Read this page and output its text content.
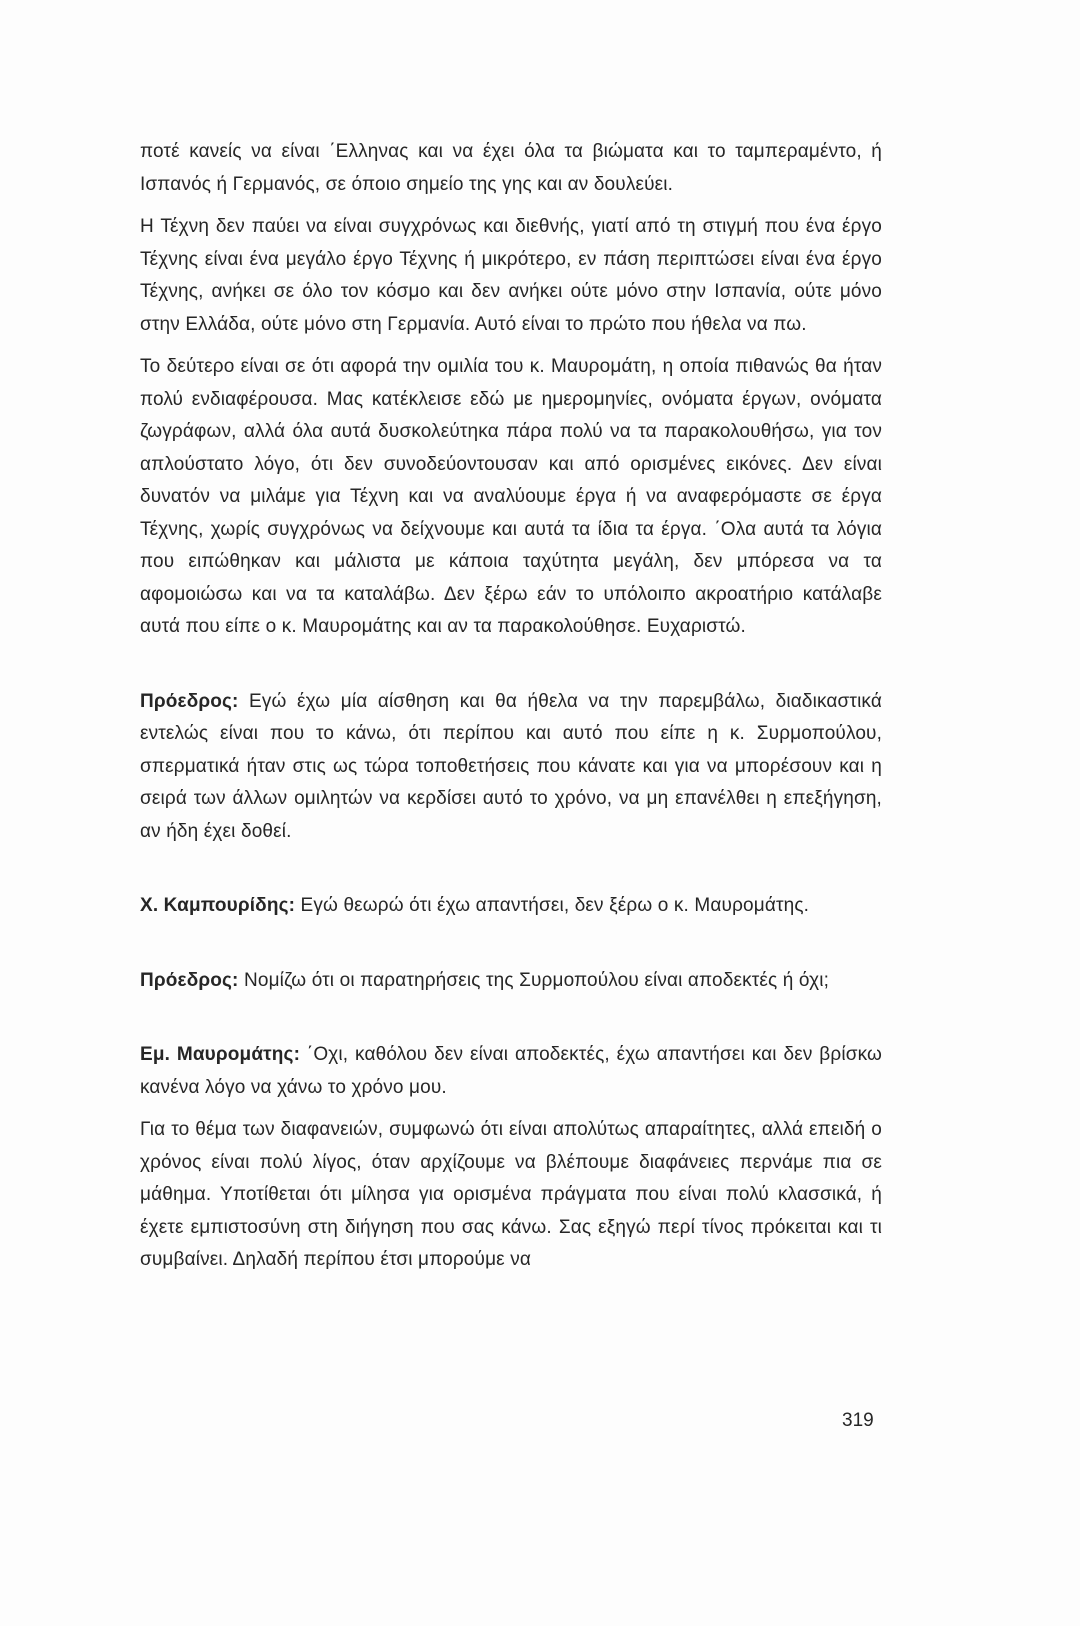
ποτέ κανείς να είναι ΄Ελληνας και να έχει όλα τα βιώματα και το ταμπεραμέντο, ή Ισπανός ή Γερμανός, σε όποιο σημείο της γης και αν δουλεύει.

Η Τέχνη δεν παύει να είναι συγχρόνως και διεθνής, γιατί από τη στιγμή που ένα έργο Τέχνης είναι ένα μεγάλο έργο Τέχνης ή μικρότερο, εν πάση περιπτώσει είναι ένα έργο Τέχνης, ανήκει σε όλο τον κόσμο και δεν ανήκει ούτε μόνο στην Ισπανία, ούτε μόνο στην Ελλάδα, ούτε μόνο στη Γερμανία. Αυτό είναι το πρώτο που ήθελα να πω.

Το δεύτερο είναι σε ότι αφορά την ομιλία του κ. Μαυρομάτη, η οποία πιθανώς θα ήταν πολύ ενδιαφέρουσα. Μας κατέκλεισε εδώ με ημερομηνίες, ονόματα έργων, ονόματα ζωγράφων, αλλά όλα αυτά δυσκολεύτηκα πάρα πολύ να τα παρακολουθήσω, για τον απλούστατο λόγο, ότι δεν συνοδεύοντουσαν και από ορισμένες εικόνες. Δεν είναι δυνατόν να μιλάμε για Τέχνη και να αναλύουμε έργα ή να αναφερόμαστε σε έργα Τέχνης, χωρίς συγχρόνως να δείχνουμε και αυτά τα ίδια τα έργα. ΄Ολα αυτά τα λόγια που ειπώθηκαν και μάλιστα με κάποια ταχύτητα μεγάλη, δεν μπόρεσα να τα αφομοιώσω και να τα καταλάβω. Δεν ξέρω εάν το υπόλοιπο ακροατήριο κατάλαβε αυτά που είπε ο κ. Μαυρομάτης και αν τα παρακολούθησε. Ευχαριστώ.

Πρόεδρος: Εγώ έχω μία αίσθηση και θα ήθελα να την παρεμβάλω, διαδικαστικά εντελώς είναι που το κάνω, ότι περίπου και αυτό που είπε η κ. Συρμοπούλου, σπερματικά ήταν στις ως τώρα τοποθετήσεις που κάνατε και για να μπορέσουν και η σειρά των άλλων ομιλητών να κερδίσει αυτό το χρόνο, να μη επανέλθει η επεξήγηση, αν ήδη έχει δοθεί.

Χ. Καμπουρίδης: Εγώ θεωρώ ότι έχω απαντήσει, δεν ξέρω ο κ. Μαυρομάτης.

Πρόεδρος: Νομίζω ότι οι παρατηρήσεις της Συρμοπούλου είναι αποδεκτές ή όχι;

Εμ. Μαυρομάτης: ΄Οχι, καθόλου δεν είναι αποδεκτές, έχω απαντήσει και δεν βρίσκω κανένα λόγο να χάνω το χρόνο μου.

Για το θέμα των διαφανειών, συμφωνώ ότι είναι απολύτως απαραίτητες, αλλά επειδή ο χρόνος είναι πολύ λίγος, όταν αρχίζουμε να βλέπουμε διαφάνειες περνάμε πια σε μάθημα. Υποτίθεται ότι μίλησα για ορισμένα πράγματα που είναι πολύ κλασσικά, ή έχετε εμπιστοσύνη στη διήγηση που σας κάνω. Σας εξηγώ περί τίνος πρόκειται και τι συμβαίνει. Δηλαδή περίπου έτσι μπορούμε να

319
